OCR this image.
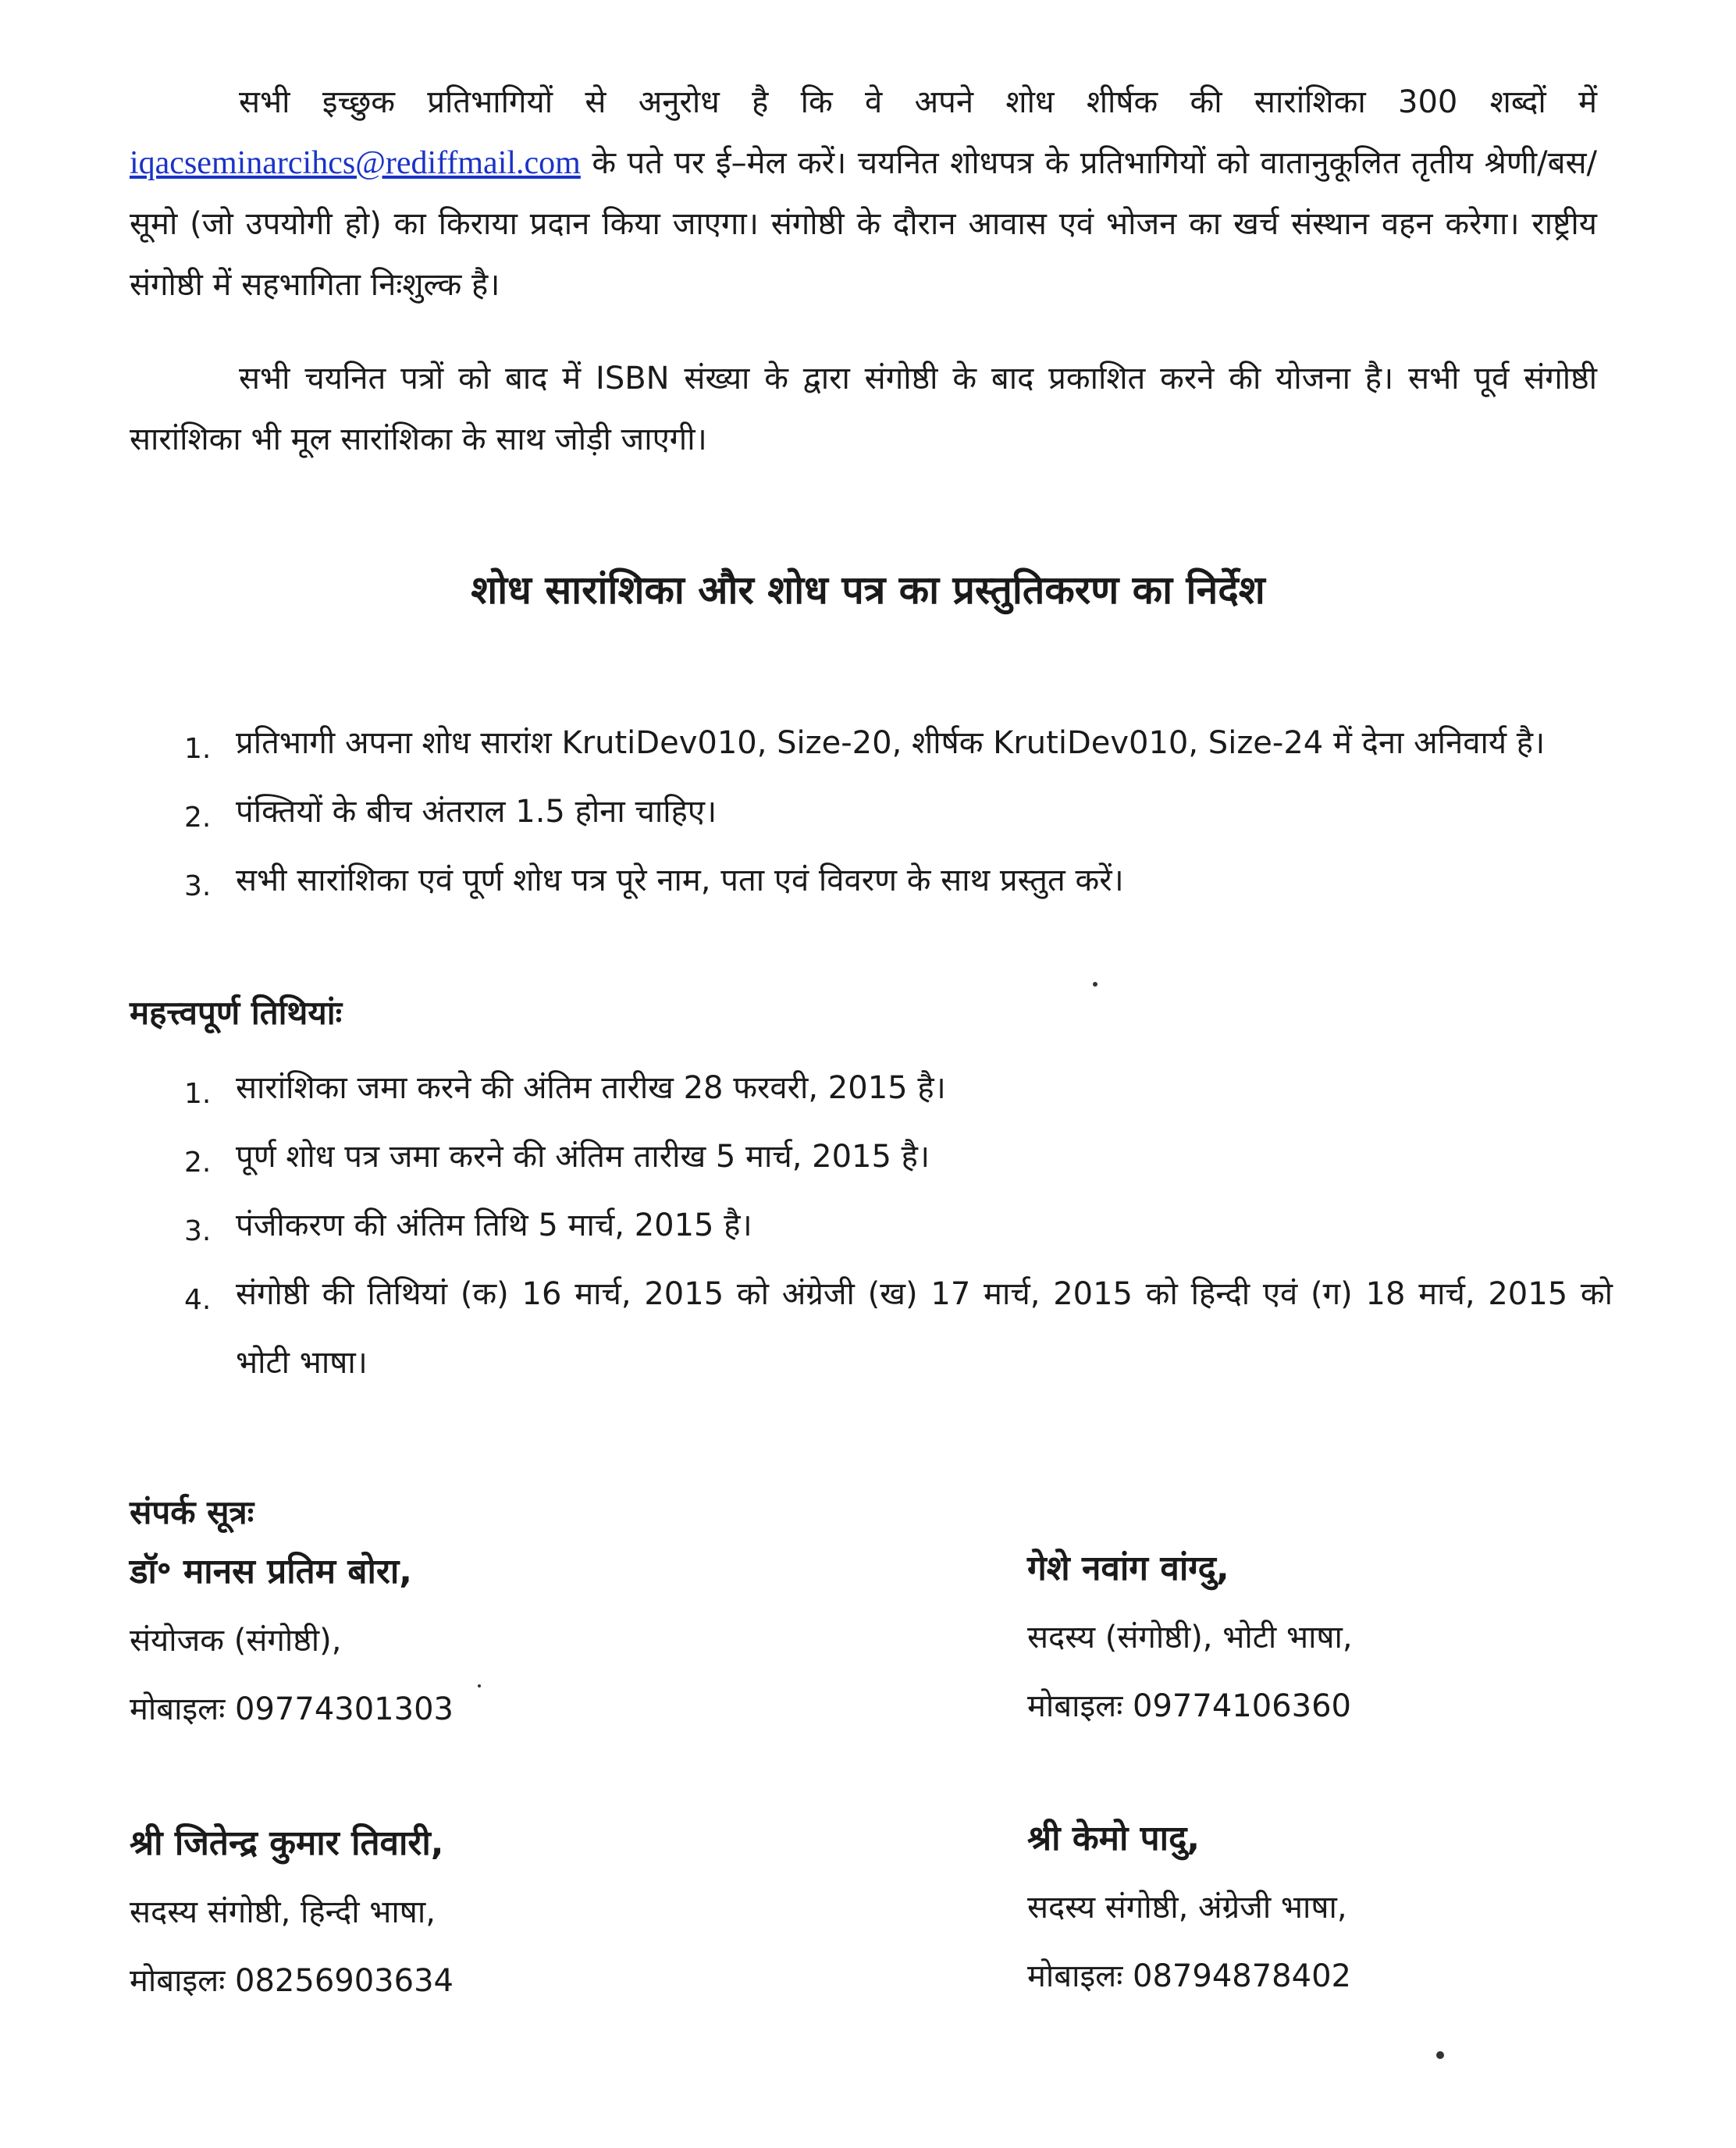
सभी इच्छुक प्रतिभागियों से अनुरोध है कि वे अपने शोध शीर्षक की सारांशिका 300 शब्दों में iqacseminarcihcs@rediffmail.com के पते पर ई–मेल करें। चयनित शोधपत्र के प्रतिभागियों को वातानुकूलित तृतीय श्रेणी/बस/सूमो (जो उपयोगी हो) का किराया प्रदान किया जाएगा। संगोष्ठी के दौरान आवास एवं भोजन का खर्च संस्थान वहन करेगा। राष्ट्रीय संगोष्ठी में सहभागिता निःशुल्क है।

सभी चयनित पत्रों को बाद में ISBN संख्या के द्वारा संगोष्ठी के बाद प्रकाशित करने की योजना है। सभी पूर्व संगोष्ठी सारांशिका भी मूल सारांशिका के साथ जोड़ी जाएगी।

शोध सारांशिका और शोध पत्र का प्रस्तुतिकरण का निर्देश
1. प्रतिभागी अपना शोध सारांश KrutiDev010, Size-20, शीर्षक KrutiDev010, Size-24 में देना अनिवार्य है।
2. पंक्तियों के बीच अंतराल 1.5 होना चाहिए।
3. सभी सारांशिका एवं पूर्ण शोध पत्र पूरे नाम, पता एवं विवरण के साथ प्रस्तुत करें।
महत्त्वपूर्ण तिथियांः
1. सारांशिका जमा करने की अंतिम तारीख 28 फरवरी, 2015 है।
2. पूर्ण शोध पत्र जमा करने की अंतिम तारीख 5 मार्च, 2015 है।
3. पंजीकरण की अंतिम तिथि 5 मार्च, 2015 है।
4. संगोष्ठी की तिथियां (क) 16 मार्च, 2015 को अंग्रेजी (ख) 17 मार्च, 2015 को हिन्दी एवं (ग) 18 मार्च, 2015 को भोटी भाषा।
संपर्क सूत्रः
डॉ॰ मानस प्रतिम बोरा,
संयोजक (संगोष्ठी),
मोबाइलः 09774301303
गेशे नवांग वांग्दु,
सदस्य (संगोष्ठी), भोटी भाषा,
मोबाइलः 09774106360
श्री जितेन्द्र कुमार तिवारी,
सदस्य संगोष्ठी, हिन्दी भाषा,
मोबाइलः 08256903634
श्री केमो पादु,
सदस्य संगोष्ठी, अंग्रेजी भाषा,
मोबाइलः 08794878402
